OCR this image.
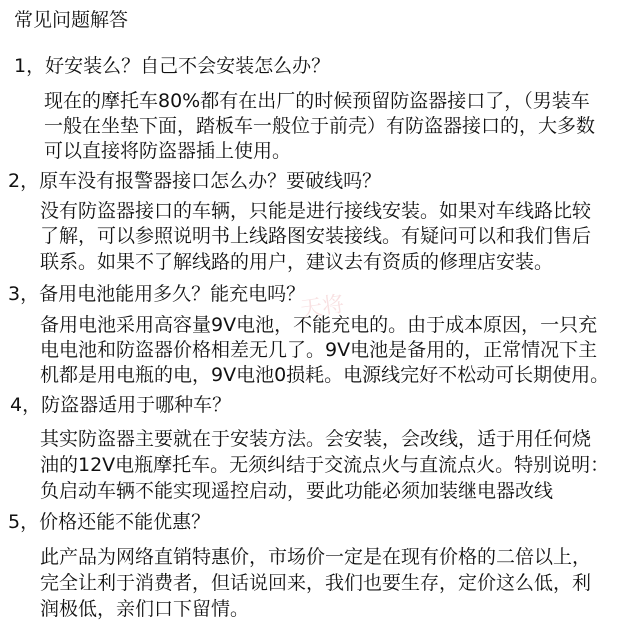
常见问题解答
1，好安装么？自己不会安装怎么办？
现在的摩托车80%都有在出厂的时候预留防盗器接口了，（男装车
一般在坐垫下面，踏板车一般位于前壳）有防盗器接口的，大多数
可以直接将防盗器插上使用。
2，原车没有报警器接口怎么办？要破线吗？
没有防盗器接口的车辆，只能是进行接线安装。如果对车线路比较
了解，可以参照说明书上线路图安装接线。有疑问可以和我们售后
联系。如果不了解线路的用户，建议去有资质的修理店安装。
3，备用电池能用多久？能充电吗？
备用电池采用高容量9V电池，不能充电的。由于成本原因，一只充
电电池和防盗器价格相差无几了。9V电池是备用的，正常情况下主
机都是用电瓶的电，9V电池0损耗。电源线完好不松动可长期使用。
4，防盗器适用于哪种车？
其实防盗器主要就在于安装方法。会安装，会改线，适于用任何烧
油的12V电瓶摩托车。无须纠结于交流点火与直流点火。特别说明：
负启动车辆不能实现遥控启动，要此功能必须加装继电器改线
5，价格还能不能优惠？
此产品为网络直销特惠价，市场价一定是在现有价格的二倍以上，
完全让利于消费者，但话说回来，我们也要生存，定价这么低，利
润极低，亲们口下留情。
天将
